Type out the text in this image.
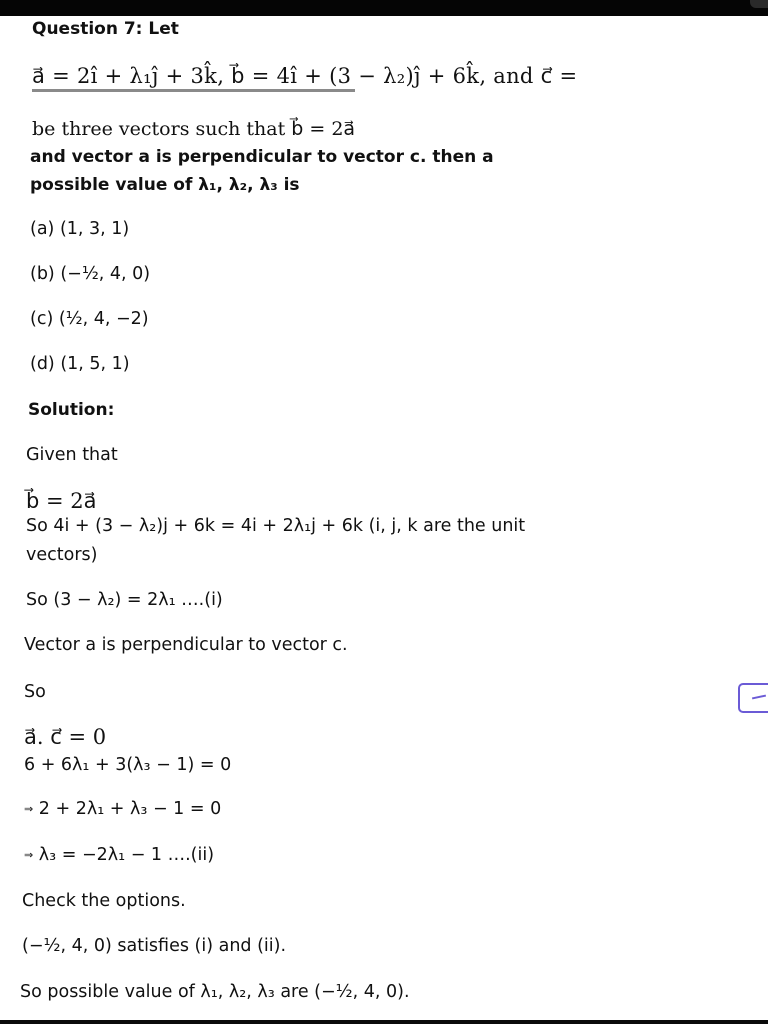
Question 7: Let
a⃗ = 2î + λ₁ĵ + 3k̂, b⃗ = 4î + (3 − λ₂)ĵ + 6k̂, and c⃗ =
be three vectors such that b⃗ = 2a⃗
and vector a is perpendicular to vector c. then a
possible value of λ₁, λ₂, λ₃ is
(a) (1, 3, 1)
(b) (−½, 4, 0)
(c) (½, 4, −2)
(d) (1, 5, 1)
Solution:
Given that
b⃗ = 2a⃗
So 4i + (3 − λ₂)j + 6k = 4i + 2λ₁j + 6k (i, j, k are the unit
vectors)
So (3 − λ₂) = 2λ₁ ….(i)
Vector a is perpendicular to vector c.
So
a⃗. c⃗ = 0
6 + 6λ₁ + 3(λ₃ − 1) = 0
⇒ 2 + 2λ₁ + λ₃ − 1 = 0
⇒ λ₃ = −2λ₁ − 1 ….(ii)
Check the options.
(−½, 4, 0) satisfies (i) and (ii).
So possible value of λ₁, λ₂, λ₃ are (−½, 4, 0).
